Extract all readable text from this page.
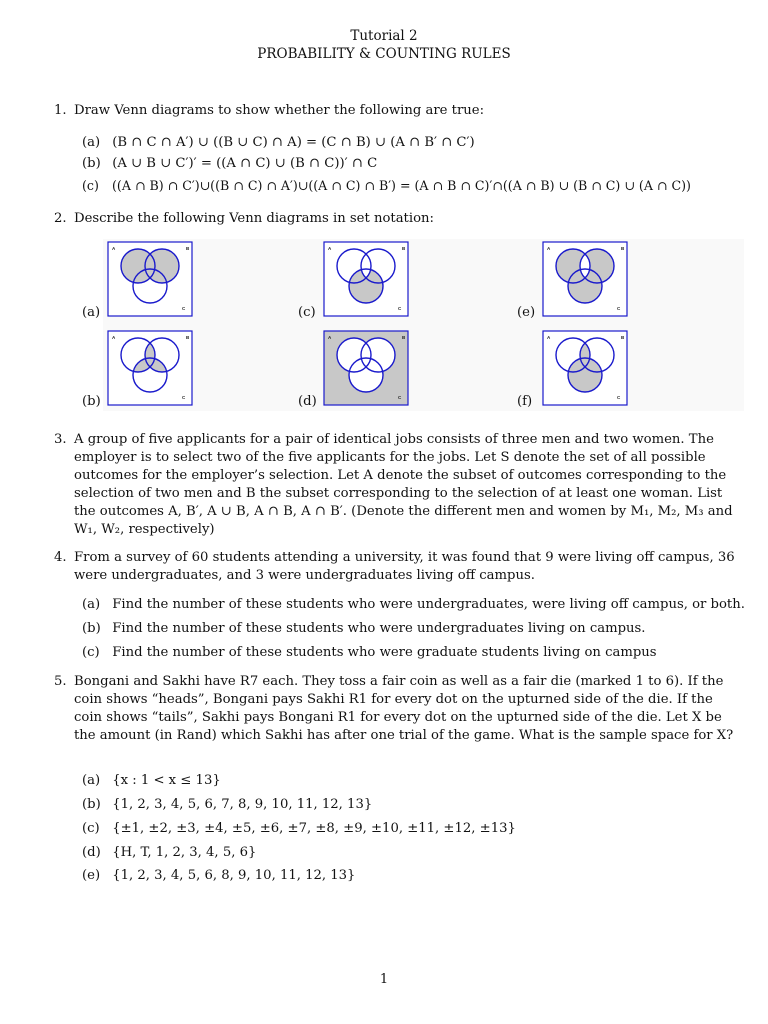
Tutorial 2
PROBABILITY & COUNTING RULES
1. Draw Venn diagrams to show whether the following are true:
(a) (B ∩ C ∩ A′) ∪ ((B ∪ C) ∩ A) = (C ∩ B) ∪ (A ∩ B′ ∩ C′)
(b) (A ∪ B ∪ C′)′ = ((A ∩ C) ∪ (B ∩ C))′ ∩ C
(c) ((A ∩ B) ∩ C′)∪((B ∩ C) ∩ A′)∪((A ∩ C) ∩ B′) = (A ∩ B ∩ C)′∩((A ∩ B) ∪ (B ∩ C) ∪ (A ∩ C))
2. Describe the following Venn diagrams in set notation:
(a)
A	B
C	(c)
A	B
C	(e)
A	B
C
(b)
A	B
C	(d)
A	B
C	(f)
A	B
C
3. A group of five applicants for a pair of identical jobs consists of three men and two women. The employer is to select two of the five applicants for the jobs. Let S denote the set of all possible outcomes for the employer’s selection. Let A denote the subset of outcomes corresponding to the selection of two men and B the subset corresponding to the selection of at least one woman. List the outcomes A, B′, A ∪ B, A ∩ B, A ∩ B′. (Denote the different men and women by M₁, M₂, M₃ and W₁, W₂, respectively)
4. From a survey of 60 students attending a university, it was found that 9 were living off campus, 36 were undergraduates, and 3 were undergraduates living off campus.
(a) Find the number of these students who were undergraduates, were living off campus, or both.
(b) Find the number of these students who were undergraduates living on campus.
(c) Find the number of these students who were graduate students living on campus
5. Bongani and Sakhi have R7 each. They toss a fair coin as well as a fair die (marked 1 to 6). If the coin shows “heads”, Bongani pays Sakhi R1 for every dot on the upturned side of the die. If the coin shows “tails”, Sakhi pays Bongani R1 for every dot on the upturned side of the die. Let X be the amount (in Rand) which Sakhi has after one trial of the game. What is the sample space for X?
(a) {x : 1 < x ≤ 13}
(b) {1, 2, 3, 4, 5, 6, 7, 8, 9, 10, 11, 12, 13}
(c) {±1, ±2, ±3, ±4, ±5, ±6, ±7, ±8, ±9, ±10, ±11, ±12, ±13}
(d) {H, T, 1, 2, 3, 4, 5, 6}
(e) {1, 2, 3, 4, 5, 6, 8, 9, 10, 11, 12, 13}
1
